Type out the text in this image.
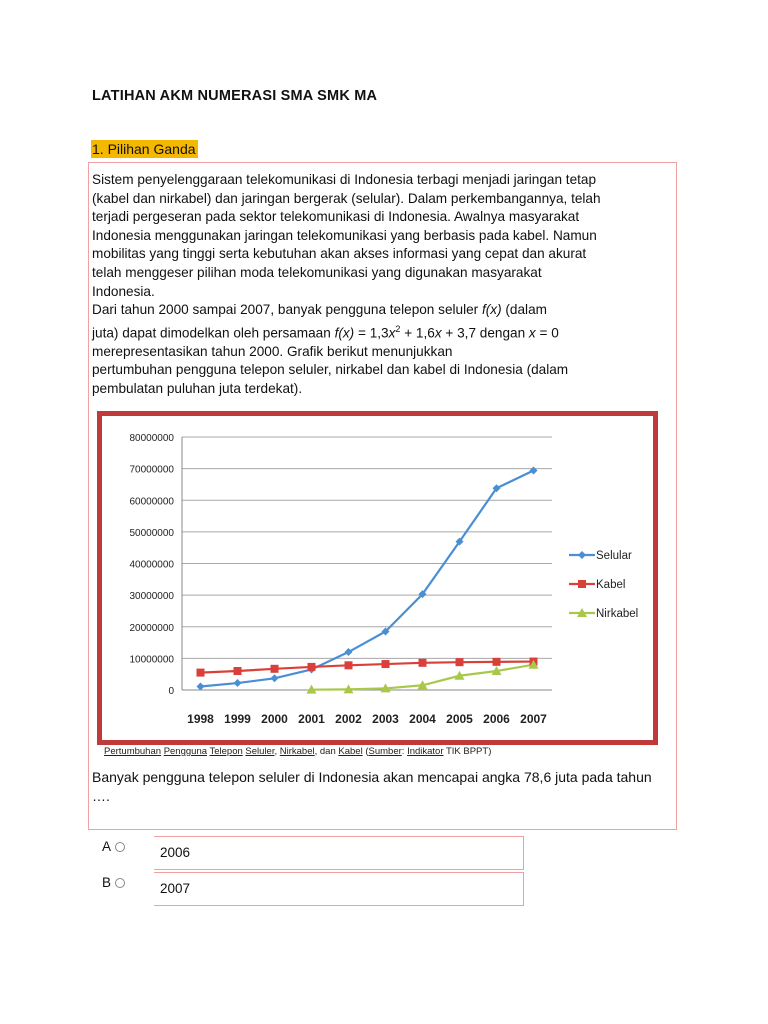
LATIHAN AKM NUMERASI SMA SMK MA
1. Pilihan Ganda

Sistem penyelenggaraan telekomunikasi di Indonesia terbagi menjadi jaringan tetap
(kabel dan nirkabel) dan jaringan bergerak (selular). Dalam perkembangannya, telah
terjadi pergeseran pada sektor telekomunikasi di Indonesia. Awalnya masyarakat
Indonesia menggunakan jaringan telekomunikasi yang berbasis pada kabel. Namun
mobilitas yang tinggi serta kebutuhan akan akses informasi yang cepat dan akurat
telah menggeser pilihan moda telekomunikasi yang digunakan masyarakat
Indonesia.

Dari tahun 2000 sampai 2007, banyak pengguna telepon seluler f(x) (dalam

juta) dapat dimodelkan oleh persamaan $f(x) = 1,3x^2 + 1,6x + 3,7$ dengan x = 0

merepresentasikan tahun 2000. Grafik berikut menunjukkan

pertumbuhan pengguna telepon seluler, nirkabel dan kabel di Indonesia (dalam

pembulatan puluhan juta terdekat).

80000000
70000000
60000000
50000000
40000000
30000000
20000000
10000000
0
1998 1999 2000 2001 2002 2003 2004 2005 2006 2007
Selular
Kabel
Nirkabel
Pertumbuhan Pengguna Telepon Seluler, Nirkabel, dan Kabel (Sumber: Indikator TIK BPPT)
Banyak pengguna telepon seluler di Indonesia akan mencapai angka 78,6 juta pada tahun ….
A	2006
B	2007
